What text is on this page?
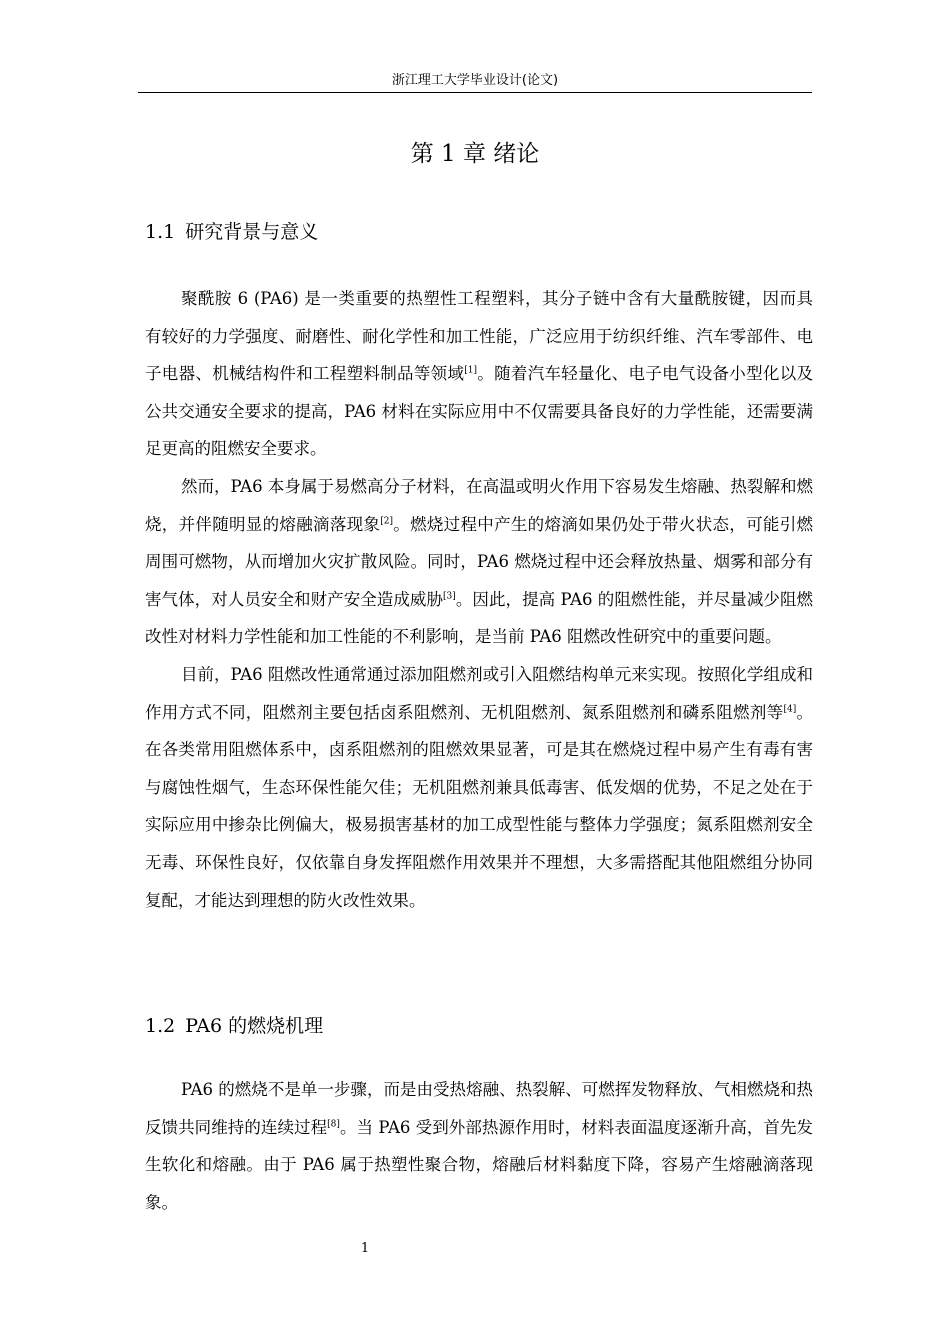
浙江理工大学毕业设计(论文)
第 1 章 绪论
1.1 研究背景与意义

聚酰胺 6 (PA6) 是一类重要的热塑性工程塑料，其分子链中含有大量酰胺键，因而具有较好的力学强度、耐磨性、耐化学性和加工性能，广泛应用于纺织纤维、汽车零部件、电子电器、机械结构件和工程塑料制品等领域[1]。随着汽车轻量化、电子电气设备小型化以及公共交通安全要求的提高，PA6 材料在实际应用中不仅需要具备良好的力学性能，还需要满足更高的阻燃安全要求。

然而，PA6 本身属于易燃高分子材料，在高温或明火作用下容易发生熔融、热裂解和燃烧，并伴随明显的熔融滴落现象[2]。燃烧过程中产生的熔滴如果仍处于带火状态，可能引燃周围可燃物，从而增加火灾扩散风险。同时，PA6 燃烧过程中还会释放热量、烟雾和部分有害气体，对人员安全和财产安全造成威胁[3]。因此，提高 PA6 的阻燃性能，并尽量减少阻燃改性对材料力学性能和加工性能的不利影响，是当前 PA6 阻燃改性研究中的重要问题。

目前，PA6 阻燃改性通常通过添加阻燃剂或引入阻燃结构单元来实现。按照化学组成和作用方式不同，阻燃剂主要包括卤系阻燃剂、无机阻燃剂、氮系阻燃剂和磷系阻燃剂等[4]。在各类常用阻燃体系中，卤系阻燃剂的阻燃效果显著，可是其在燃烧过程中易产生有毒有害与腐蚀性烟气，生态环保性能欠佳；无机阻燃剂兼具低毒害、低发烟的优势，不足之处在于实际应用中掺杂比例偏大，极易损害基材的加工成型性能与整体力学强度；氮系阻燃剂安全无毒、环保性良好，仅依靠自身发挥阻燃作用效果并不理想，大多需搭配其他阻燃组分协同复配，才能达到理想的防火改性效果。

1.2 PA6 的燃烧机理

PA6 的燃烧不是单一步骤，而是由受热熔融、热裂解、可燃挥发物释放、气相燃烧和热反馈共同维持的连续过程[8]。当 PA6 受到外部热源作用时，材料表面温度逐渐升高，首先发生软化和熔融。由于 PA6 属于热塑性聚合物，熔融后材料黏度下降，容易产生熔融滴落现象。

1
